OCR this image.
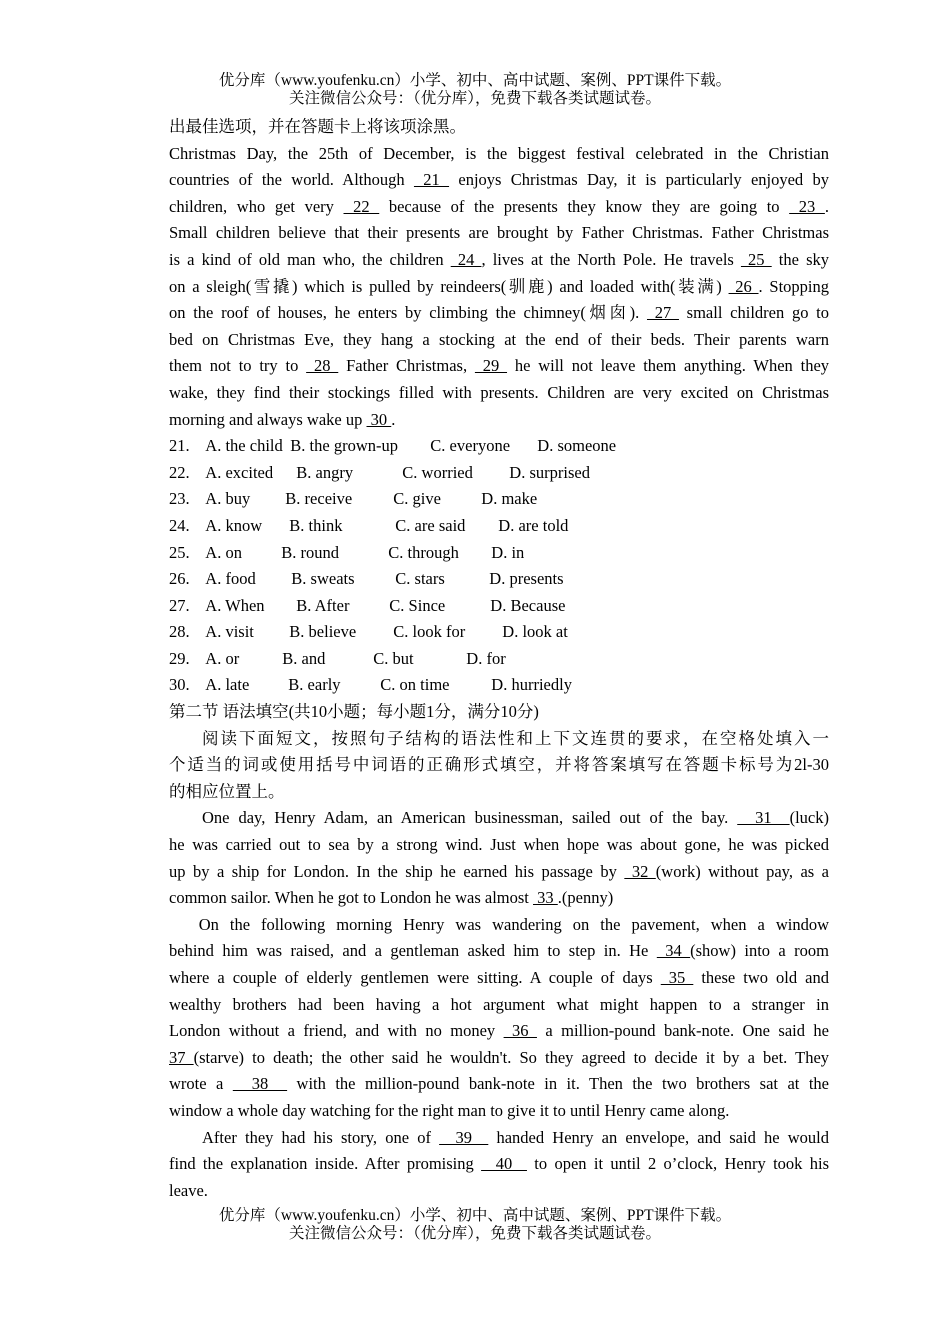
优分库（www.youfenku.cn）小学、初中、高中试题、案例、PPT课件下载。
关注微信公众号：（优分库），免费下载各类试题试卷。
出最佳选项，并在答题卡上将该项涂黑。
Christmas Day, the 25th of December, is the biggest festival celebrated in the Christian
countries of the world. Although  21  enjoys Christmas Day, it is particularly enjoyed by
children, who get very  22  because of the presents they know they are going to  23 .
Small children believe that their presents are brought by Father Christmas. Father Christmas
is a kind of old man who, the children  24 , lives at the North Pole. He travels  25  the sky
on a sleigh(雪撬) which is pulled by reindeers(驯鹿) and loaded with(装满)  26 . Stopping
on the roof of houses, he enters by climbing the chimney(烟囱).  27  small children go to
bed on Christmas Eve, they hang a stocking at the end of their beds. Their parents warn
them not to try to  28  Father Christmas,  29  he will not leave them anything. When they
wake, they find their stockings filled with presents. Children are very excited on Christmas
morning and always wake up  30 .
21. A. the child B. the grown-up C. everyone D. someone
22. A. excited B. angry	C. worried D. surprised
23. A. buy B. receive C. give D. make
24. A. know B. think	C. are said D. are told
25. A. on B. round	C. through D. in
26. A. food B. sweats C. stars	D. presents
27. A. When B. After C. Since	D. Because
28. A. visit B. believe C. look for D. look at
29. A. or	B. and	C. but	D. for
30. A. late B. early C. on time	D. hurriedly
第二节 语法填空(共10小题；每小题1分，满分10分)
阅读下面短文，按照句子结构的语法性和上下文连贯的要求，在空格处填入一
个适当的词或使用括号中词语的正确形式填空，并将答案填写在答题卡标号为2l-30
的相应位置上。
One day, Henry Adam, an American businessman, sailed out of the bay.   31  (luck)
he was carried out to sea by a strong wind. Just when hope was about gone, he was picked
up by a ship for London. In the ship he earned his passage by  32 (work) without pay, as a
common sailor. When he got to London he was almost  33 .(penny)
On the following morning Henry was wandering on the pavement, when a window
behind him was raised, and a gentleman asked him to step in. He  34 (show) into a room
where a couple of elderly gentlemen were sitting. A couple of days  35  these two old and
wealthy brothers had been having a hot argument what might happen to a stranger in
London without a friend, and with no money  36  a million-pound bank-note. One said he
37 (starve) to death; the other said he wouldn't. So they agreed to decide it by a bet. They
wrote a   38   with the million-pound bank-note in it. Then the two brothers sat at the
window a whole day watching for the right man to give it to until Henry came along.
After they had his story, one of   39   handed Henry an envelope, and said he would
find the explanation inside. After promising   40   to open it until 2 o’clock, Henry took his
leave.
优分库（www.youfenku.cn）小学、初中、高中试题、案例、PPT课件下载。
关注微信公众号：（优分库），免费下载各类试题试卷。
